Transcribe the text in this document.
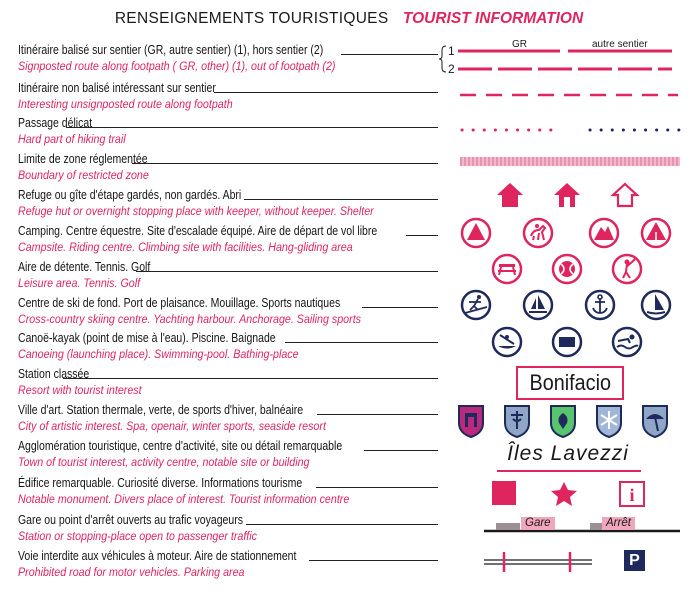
RENSEIGNEMENTS TOURISTIQUES TOURIST INFORMATION
Itinéraire balisé sur sentier (GR, autre sentier) (1), hors sentier (2)
Signposted route along footpath ( GR, other) (1), out of footpath (2)
Itinéraire non balisé intéressant sur sentier
Interesting unsignposted route along footpath
Passage délicat
Hard part of hiking trail
Limite de zone réglementée
Boundary of restricted zone
Refuge ou gîte d'étape gardés, non gardés. Abri
Refuge hut or overnight stopping place with keeper, without keeper. Shelter
Camping. Centre équestre. Site d'escalade équipé. Aire de départ de vol libre
Campsite. Riding centre. Climbing site with facilities. Hang-gliding area
Aire de détente. Tennis. Golf
Leisure area. Tennis. Golf
Centre de ski de fond. Port de plaisance. Mouillage. Sports nautiques
Cross-country skiing centre. Yachting harbour. Anchorage. Sailing sports
Canoë-kayak (point de mise à l'eau). Piscine. Baignade
Canoeing (launching place). Swimming-pool. Bathing-place
Station classée
Resort with tourist interest
Ville d'art. Station thermale, verte, de sports d'hiver, balnéaire
City of artistic interest. Spa, openair, winter sports, seaside resort
Agglomération touristique, centre d'activité, site ou détail remarquable
Town of tourist interest, activity centre, notable site or building
Édifice remarquable. Curiosité diverse. Informations tourisme
Notable monument. Divers place of interest. Tourist information centre
Gare ou point d'arrêt ouverts au trafic voyageurs
Station or stopping-place open to passenger traffic
Voie interdite aux véhicules à moteur. Aire de stationnement
Prohibited road for motor vehicles. Parking area
GR	autre sentier
1
2
Bonifacio
Îles Lavezzi
i
Gare	Arrêt
P
